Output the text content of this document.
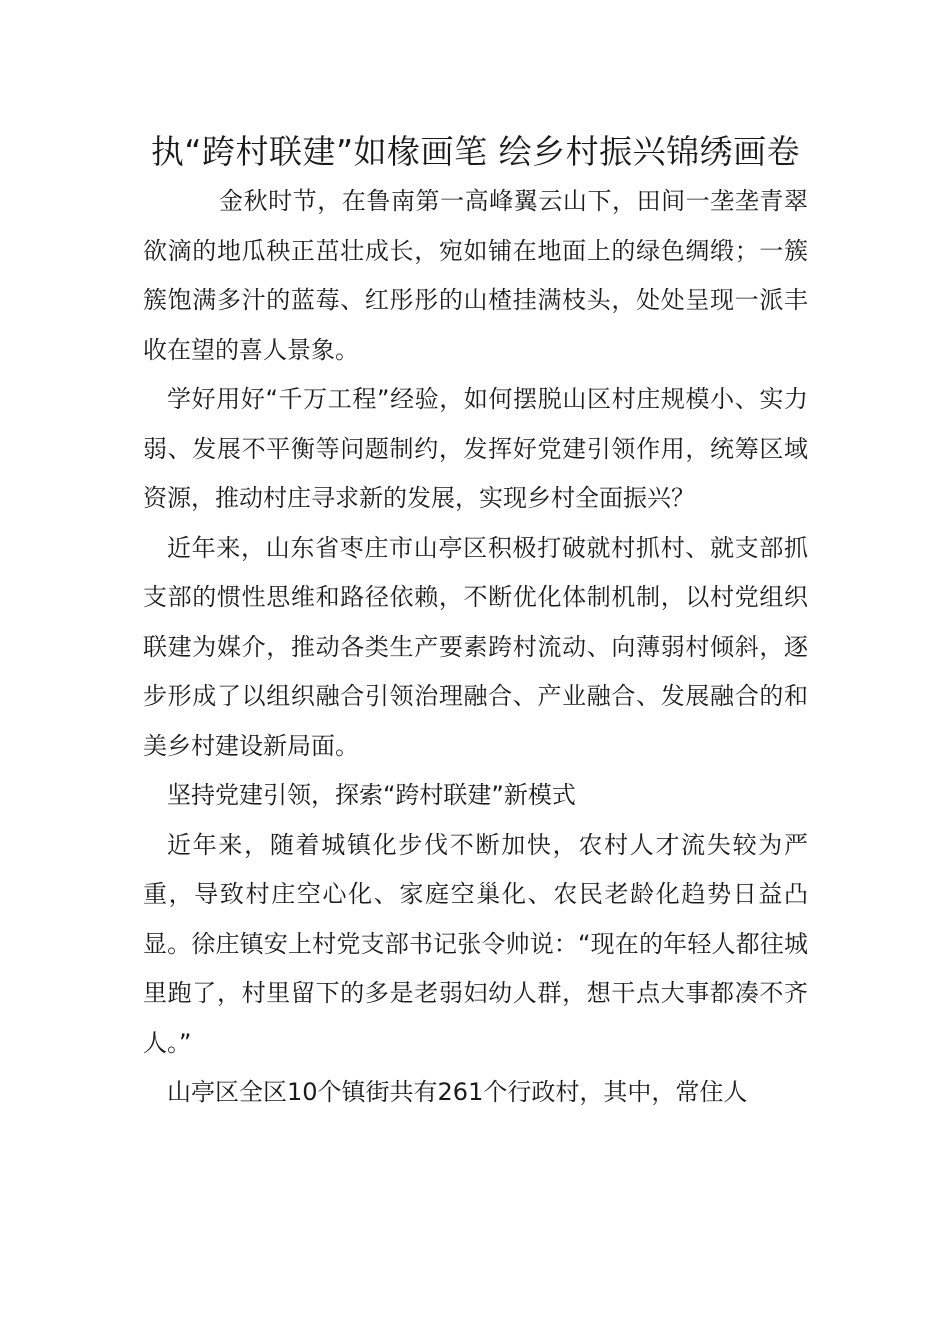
执“跨村联建”如椽画笔 绘乡村振兴锦绣画卷

金秋时节，在鲁南第一高峰翼云山下，田间一垄垄青翠欲滴的地瓜秧正茁壮成长，宛如铺在地面上的绿色绸缎；一簇簇饱满多汁的蓝莓、红彤彤的山楂挂满枝头，处处呈现一派丰收在望的喜人景象。

学好用好“千万工程”经验，如何摆脱山区村庄规模小、实力弱、发展不平衡等问题制约，发挥好党建引领作用，统筹区域资源，推动村庄寻求新的发展，实现乡村全面振兴？

近年来，山东省枣庄市山亭区积极打破就村抓村、就支部抓支部的惯性思维和路径依赖，不断优化体制机制，以村党组织联建为媒介，推动各类生产要素跨村流动、向薄弱村倾斜，逐步形成了以组织融合引领治理融合、产业融合、发展融合的和美乡村建设新局面。

坚持党建引领，探索“跨村联建”新模式

近年来，随着城镇化步伐不断加快，农村人才流失较为严重，导致村庄空心化、家庭空巢化、农民老龄化趋势日益凸显。徐庄镇安上村党支部书记张令帅说：“现在的年轻人都往城里跑了，村里留下的多是老弱妇幼人群，想干点大事都凑不齐人。”

山亭区全区10个镇街共有261个行政村，其中，常住人
